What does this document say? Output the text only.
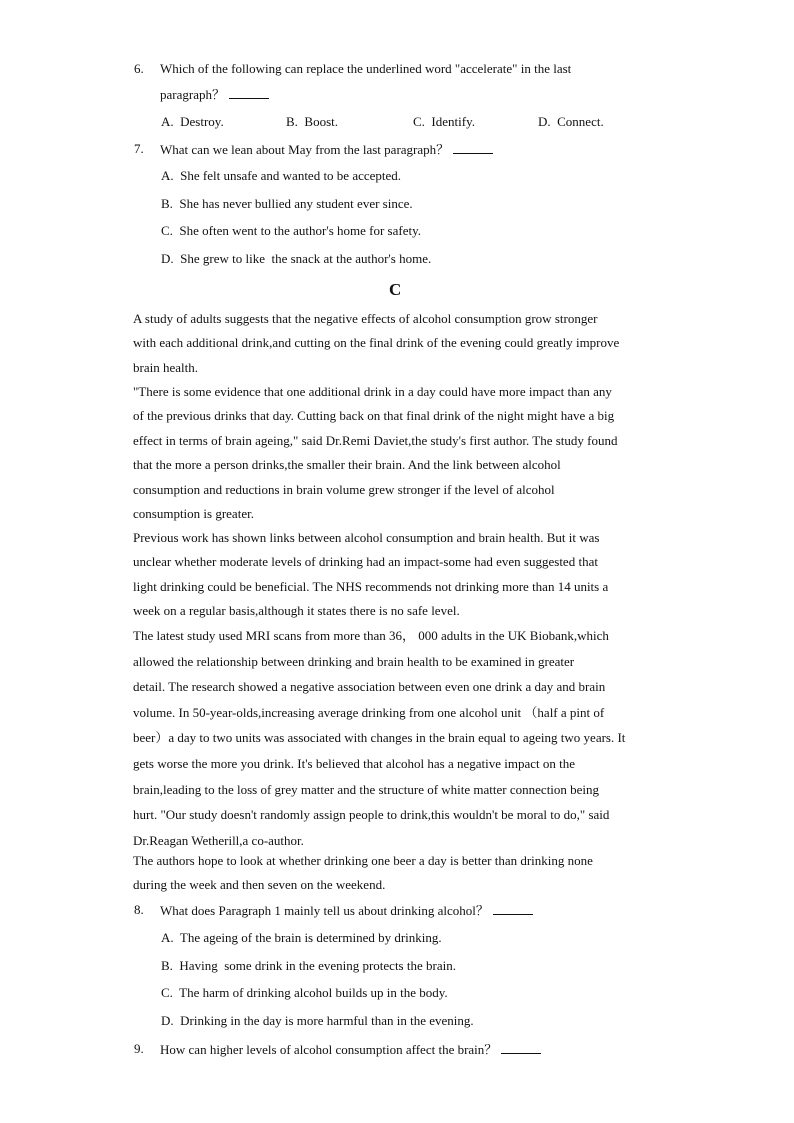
6. Which of the following can replace the underlined word "accelerate" in the last
paragraph？
A.  Destroy.	B.  Boost.	C.  Identify.	D.  Connect.
7. What can we lean about May from the last paragraph？
A.  She felt unsafe and wanted to be accepted.
B.  She has never bullied any student ever since.
C.  She often went to the author's home for safety.
D.  She grew to like  the snack at the author's home.
C
A study of adults suggests that the negative effects of alcohol consumption grow stronger
with each additional drink,and cutting on the final drink of the evening could greatly improve
brain health.
"There is some evidence that one additional drink in a day could have more impact than any
of the previous drinks that day. Cutting back on that final drink of the night might have a big
effect in terms of brain ageing," said Dr.Remi Daviet,the study's first author. The study found
that the more a person drinks,the smaller their brain. And the link between alcohol
consumption and reductions in brain volume grew stronger if the level of alcohol
consumption is greater.
Previous work has shown links between alcohol consumption and brain health. But it was
unclear whether moderate levels of drinking had an impact-some had even suggested that
light drinking could be beneficial. The NHS recommends not drinking more than 14 units a
week on a regular basis,although it states there is no safe level.
The latest study used MRI scans from more than 36， 000 adults in the UK Biobank,which
allowed the relationship between drinking and brain health to be examined in greater
detail. The research showed a negative association between even one drink a day and brain
volume. In 50-year-olds,increasing average drinking from one alcohol unit （half a pint of
beer）a day to two units was associated with changes in the brain equal to ageing two years. It
gets worse the more you drink. It's believed that alcohol has a negative impact on the
brain,leading to the loss of grey matter and the structure of white matter connection being
hurt. "Our study doesn't randomly assign people to drink,this wouldn't be moral to do," said
Dr.Reagan Wetherill,a co-author.
The authors hope to look at whether drinking one beer a day is better than drinking none
during the week and then seven on the weekend.
8. What does Paragraph 1 mainly tell us about drinking alcohol？
A.  The ageing of the brain is determined by drinking.
B.  Having  some drink in the evening protects the brain.
C.  The harm of drinking alcohol builds up in the body.
D.  Drinking in the day is more harmful than in the evening.
9. How can higher levels of alcohol consumption affect the brain？
